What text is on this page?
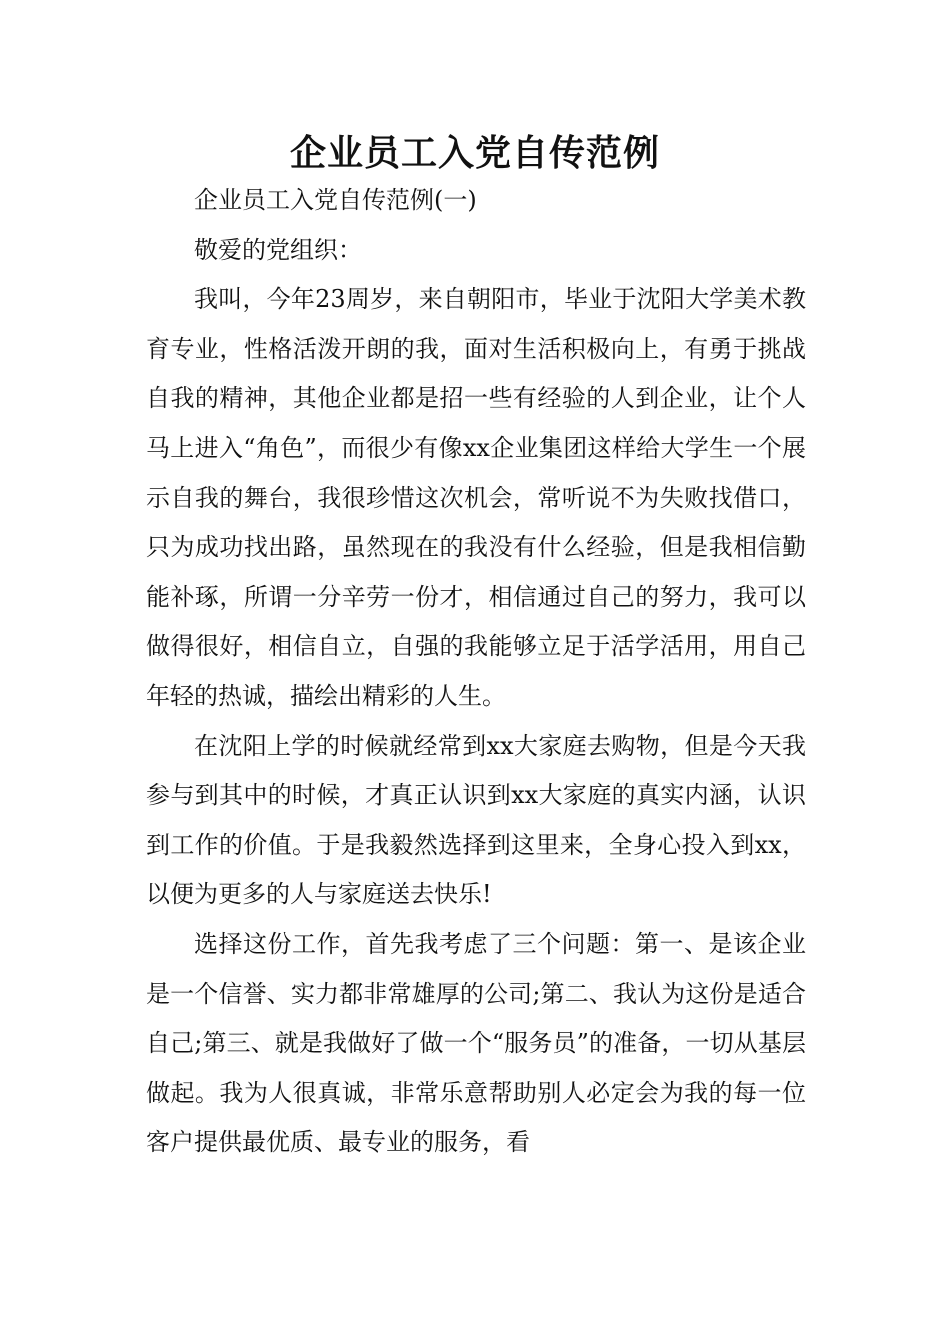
企业员工入党自传范例

企业员工入党自传范例(一)

敬爱的党组织：

我叫，今年23周岁，来自朝阳市，毕业于沈阳大学美术教育专业，性格活泼开朗的我，面对生活积极向上，有勇于挑战自我的精神，其他企业都是招一些有经验的人到企业，让个人马上进入“角色”，而很少有像xx企业集团这样给大学生一个展示自我的舞台，我很珍惜这次机会，常听说不为失败找借口，只为成功找出路，虽然现在的我没有什么经验，但是我相信勤能补琢，所谓一分辛劳一份才，相信通过自己的努力，我可以做得很好，相信自立，自强的我能够立足于活学活用，用自己年轻的热诚，描绘出精彩的人生。

在沈阳上学的时候就经常到xx大家庭去购物，但是今天我参与到其中的时候，才真正认识到xx大家庭的真实内涵，认识到工作的价值。于是我毅然选择到这里来，全身心投入到xx，以便为更多的人与家庭送去快乐!

选择这份工作，首先我考虑了三个问题：第一、是该企业是一个信誉、实力都非常雄厚的公司;第二、我认为这份是适合自己;第三、就是我做好了做一个“服务员”的准备，一切从基层做起。我为人很真诚，非常乐意帮助别人必定会为我的每一位客户提供最优质、最专业的服务，看
